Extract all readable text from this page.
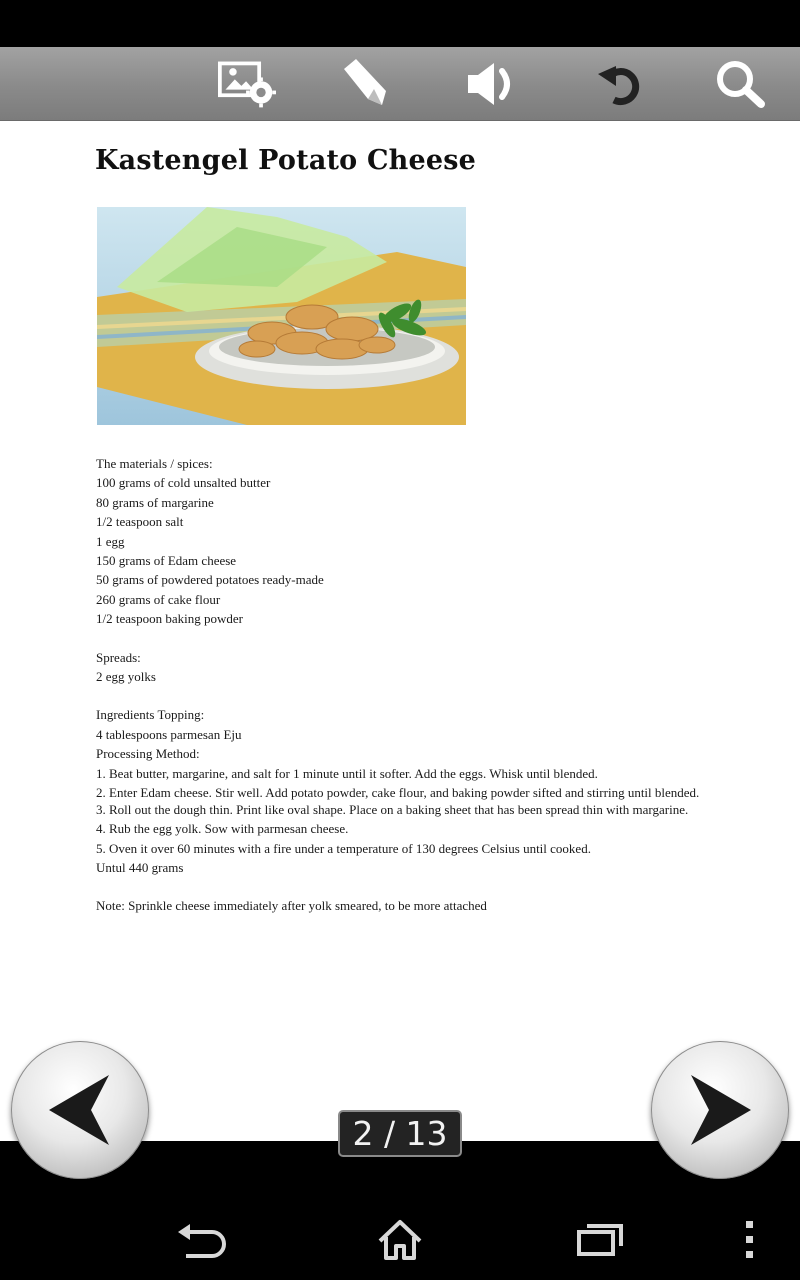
Kastengel Potato Cheese
The materials / spices:
100 grams of cold unsalted butter
80 grams of margarine
1/2 teaspoon salt
1 egg
150 grams of Edam cheese
50 grams of powdered potatoes ready-made
260 grams of cake flour
1/2 teaspoon baking powder
Spreads:
2 egg yolks
Ingredients Topping:
4 tablespoons parmesan Eju
Processing Method:
1. Beat butter, margarine, and salt for 1 minute until it softer. Add the eggs. Whisk until blended.
2. Enter Edam cheese. Stir well. Add potato powder, cake flour, and baking powder sifted and stirring until blended.
3. Roll out the dough thin. Print like oval shape. Place on a baking sheet that has been spread thin with margarine.
4. Rub the egg yolk. Sow with parmesan cheese.
5. Oven it over 60 minutes with a fire under a temperature of 130 degrees Celsius until cooked.
Untul 440 grams
Note: Sprinkle cheese immediately after yolk smeared, to be more attached
2 / 13
